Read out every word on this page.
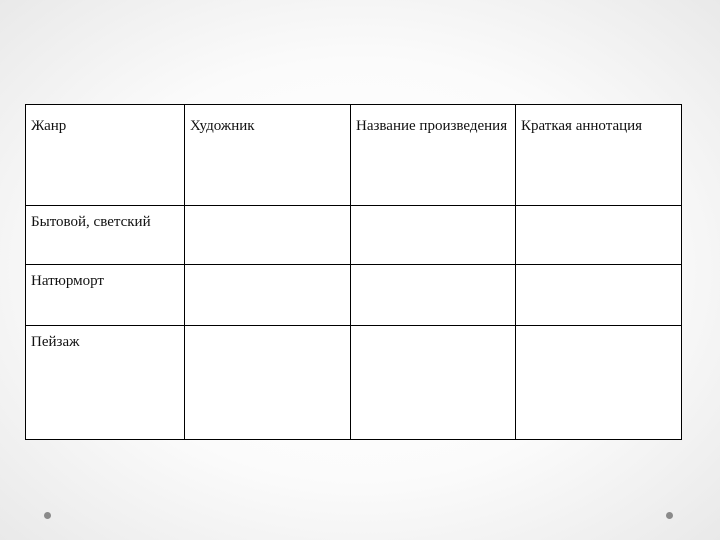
Жанр	Художник	Название произведения	Краткая аннотация
Бытовой, светский			
Натюрморт			
Пейзаж			
